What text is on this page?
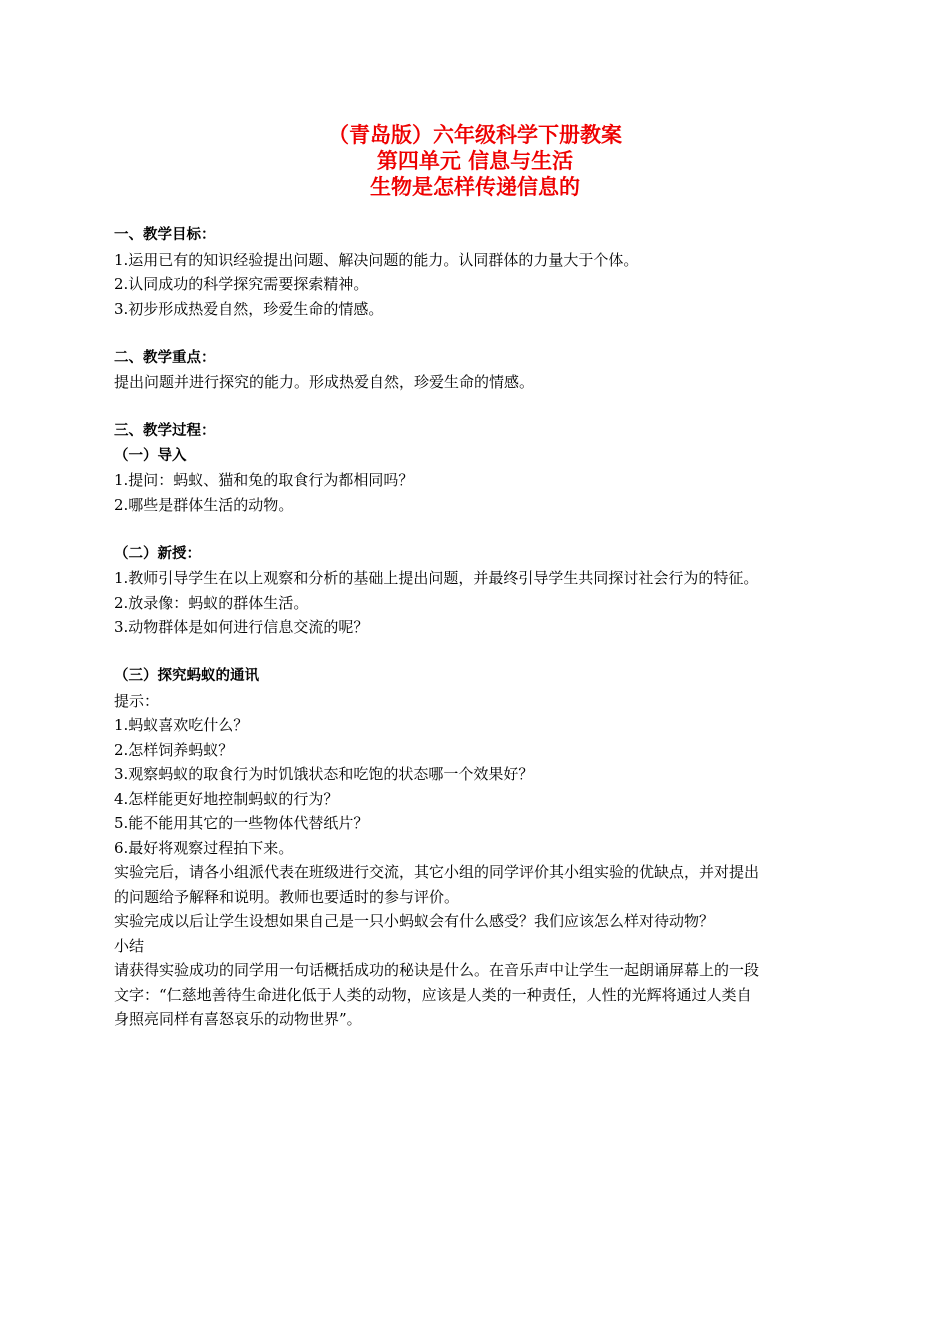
（青岛版）六年级科学下册教案
第四单元 信息与生活
生物是怎样传递信息的

一、教学目标：

1.运用已有的知识经验提出问题、解决问题的能力。认同群体的力量大于个体。

2.认同成功的科学探究需要探索精神。

3.初步形成热爱自然，珍爱生命的情感。

二、教学重点：

提出问题并进行探究的能力。形成热爱自然，珍爱生命的情感。

三、教学过程：

（一）导入

1.提问：蚂蚁、猫和兔的取食行为都相同吗？

2.哪些是群体生活的动物。

（二）新授：

1.教师引导学生在以上观察和分析的基础上提出问题，并最终引导学生共同探讨社会行为的特征。

2.放录像：蚂蚁的群体生活。

3.动物群体是如何进行信息交流的呢？

（三）探究蚂蚁的通讯

提示：

1.蚂蚁喜欢吃什么？

2.怎样饲养蚂蚁？

3.观察蚂蚁的取食行为时饥饿状态和吃饱的状态哪一个效果好？

4.怎样能更好地控制蚂蚁的行为？

5.能不能用其它的一些物体代替纸片？

6.最好将观察过程拍下来。

实验完后，请各小组派代表在班级进行交流，其它小组的同学评价其小组实验的优缺点，并对提出

的问题给予解释和说明。教师也要适时的参与评价。

实验完成以后让学生设想如果自己是一只小蚂蚁会有什么感受？我们应该怎么样对待动物？

小结

请获得实验成功的同学用一句话概括成功的秘诀是什么。在音乐声中让学生一起朗诵屏幕上的一段

文字：“仁慈地善待生命进化低于人类的动物，应该是人类的一种责任，人性的光辉将通过人类自

身照亮同样有喜怒哀乐的动物世界”。
